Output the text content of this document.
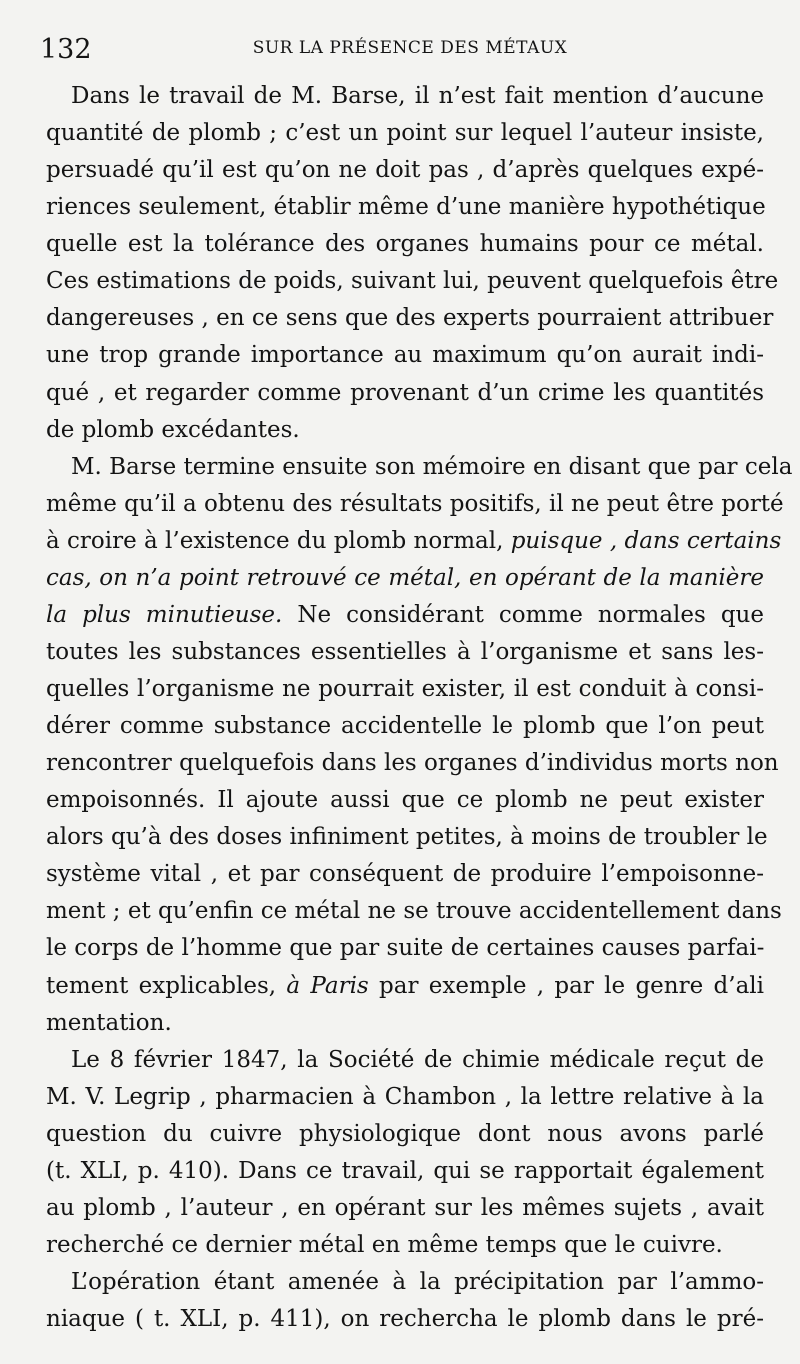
132	SUR LA PRÉSENCE DES MÉTAUX
Dans le travail de M. Barse, il n’est fait mention d’aucune
quantité de plomb ; c’est un point sur lequel l’auteur insiste,
persuadé qu’il est qu’on ne doit pas , d’après quelques expé-
riences seulement, établir même d’une manière hypothétique
quelle est la tolérance des organes humains pour ce métal.
Ces estimations de poids, suivant lui, peuvent quelquefois être
dangereuses , en ce sens que des experts pourraient attribuer
une trop grande importance au maximum qu’on aurait indi-
qué , et regarder comme provenant d’un crime les quantités
de plomb excédantes.
M. Barse termine ensuite son mémoire en disant que par cela
même qu’il a obtenu des résultats positifs, il ne peut être porté
à croire à l’existence du plomb normal, puisque , dans certains
cas, on n’a point retrouvé ce métal, en opérant de la manière
la plus minutieuse. Ne considérant comme normales que
toutes les substances essentielles à l’organisme et sans les-
quelles l’organisme ne pourrait exister, il est conduit à consi-
dérer comme substance accidentelle le plomb que l’on peut
rencontrer quelquefois dans les organes d’individus morts non
empoisonnés. Il ajoute aussi que ce plomb ne peut exister
alors qu’à des doses infiniment petites, à moins de troubler le
système vital , et par conséquent de produire l’empoisonne-
ment ; et qu’enfin ce métal ne se trouve accidentellement dans
le corps de l’homme que par suite de certaines causes parfai-
tement explicables, à Paris par exemple , par le genre d’ali
mentation.
Le 8 février 1847, la Société de chimie médicale reçut de
M. V. Legrip , pharmacien à Chambon , la lettre relative à la
question du cuivre physiologique dont nous avons parlé
(t. XLI, p. 410). Dans ce travail, qui se rapportait également
au plomb , l’auteur , en opérant sur les mêmes sujets , avait
recherché ce dernier métal en même temps que le cuivre.
L’opération étant amenée à la précipitation par l’ammo-
niaque ( t. XLI, p. 411), on rechercha le plomb dans le pré-
